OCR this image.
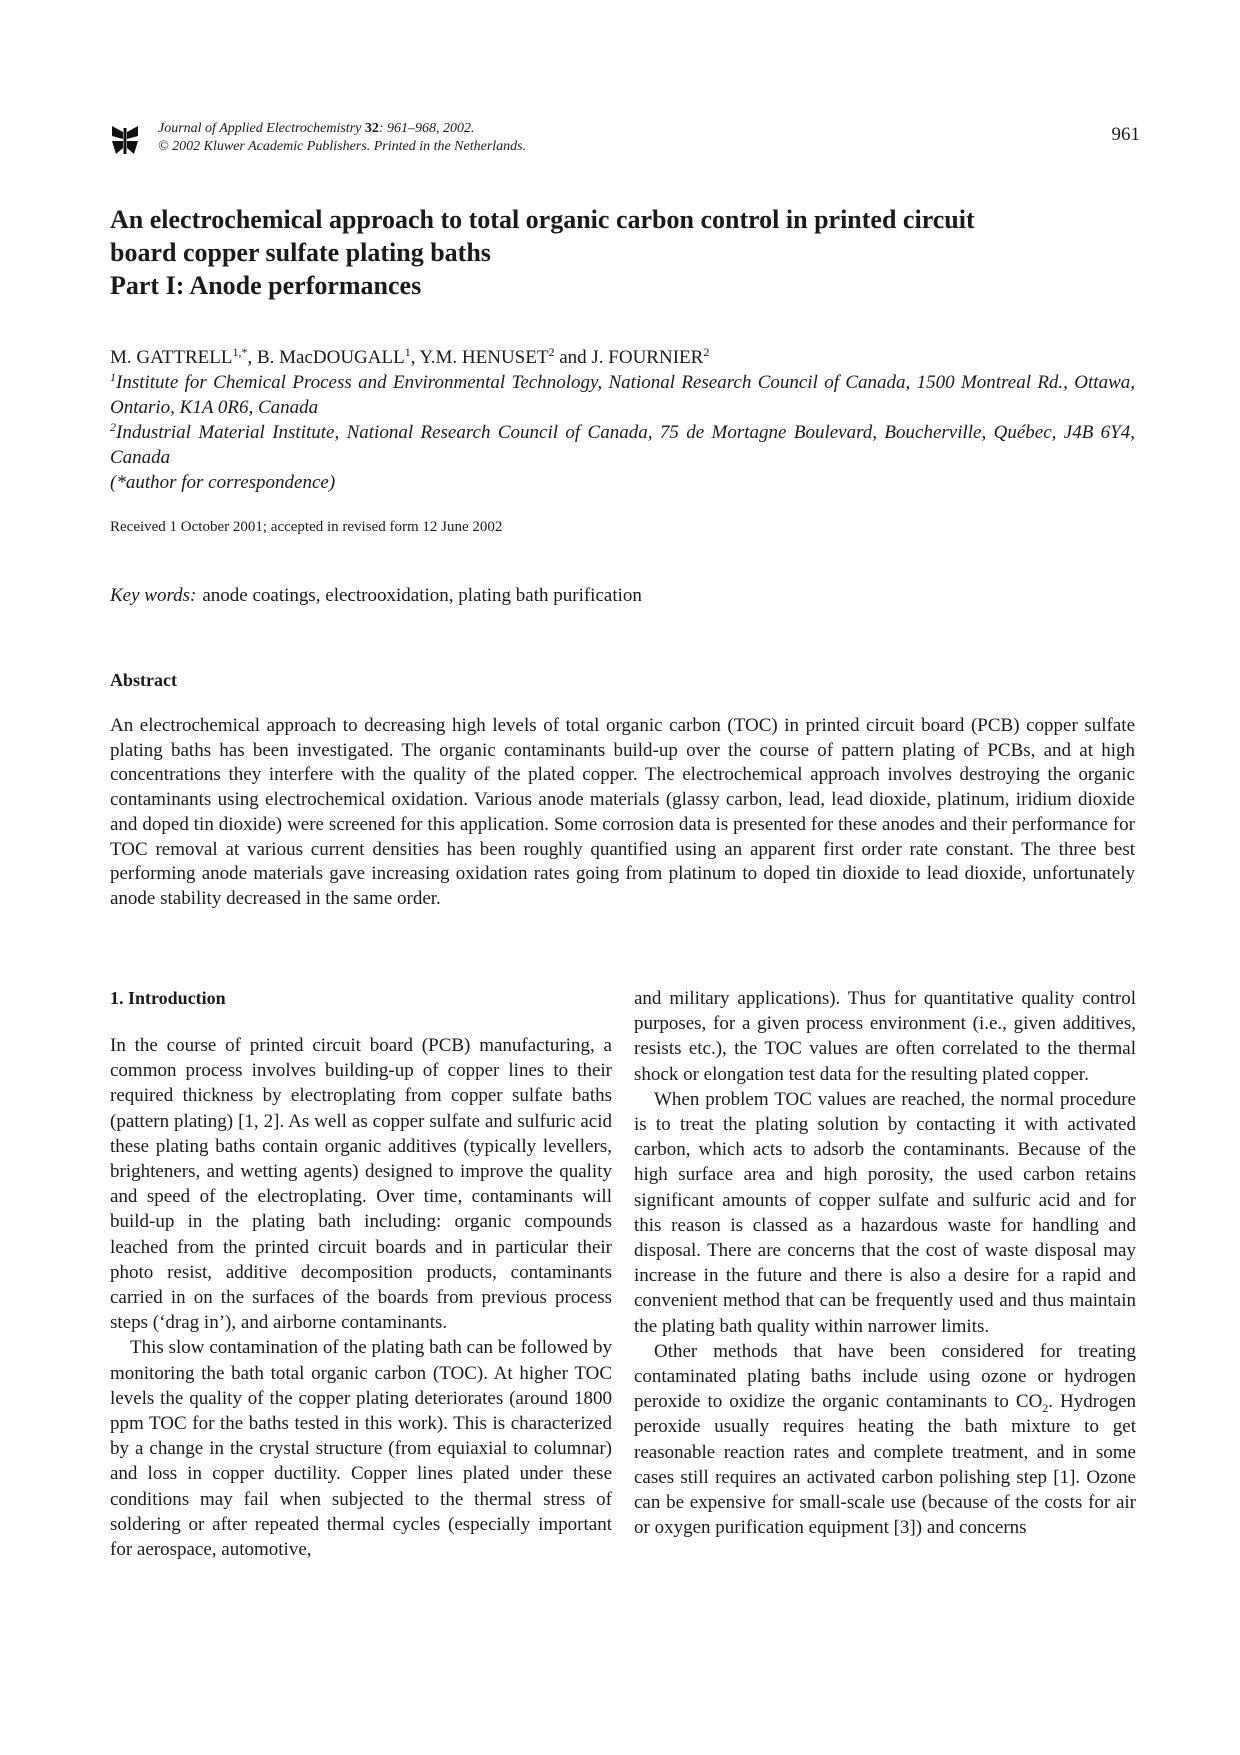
Journal of Applied Electrochemistry 32: 961–968, 2002.
© 2002 Kluwer Academic Publishers. Printed in the Netherlands.
961
An electrochemical approach to total organic carbon control in printed circuit
board copper sulfate plating baths
Part I: Anode performances
M. $GATTRELL^{1,*}$, B. MacDOUGALL$^1$, Y.M. HENUSET$^2$ and J. FOURNIER$^2$
$^1$Institute for Chemical Process and Environmental Technology, National Research Council of Canada, 1500 Montreal Rd., Ottawa, Ontario, K1A 0R6, Canada
$^2$Industrial Material Institute, National Research Council of Canada, 75 de Mortagne Boulevard, Boucherville, Québec, J4B 6Y4, Canada
(*author for correspondence)
Received 1 October 2001; accepted in revised form 12 June 2002
Key words: anode coatings, electrooxidation, plating bath purification
Abstract
An electrochemical approach to decreasing high levels of total organic carbon (TOC) in printed circuit board (PCB) copper sulfate plating baths has been investigated. The organic contaminants build-up over the course of pattern plating of PCBs, and at high concentrations they interfere with the quality of the plated copper. The electrochemical approach involves destroying the organic contaminants using electrochemical oxidation. Various anode materials (glassy carbon, lead, lead dioxide, platinum, iridium dioxide and doped tin dioxide) were screened for this application. Some corrosion data is presented for these anodes and their performance for TOC removal at various current densities has been roughly quantified using an apparent first order rate constant. The three best performing anode materials gave increasing oxidation rates going from platinum to doped tin dioxide to lead dioxide, unfortunately anode stability decreased in the same order.
1. Introduction

In the course of printed circuit board (PCB) manufacturing, a common process involves building-up of copper lines to their required thickness by electroplating from copper sulfate baths (pattern plating) [1, 2]. As well as copper sulfate and sulfuric acid these plating baths contain organic additives (typically levellers, brighteners, and wetting agents) designed to improve the quality and speed of the electroplating. Over time, contaminants will build-up in the plating bath including: organic compounds leached from the printed circuit boards and in particular their photo resist, additive decomposition products, contaminants carried in on the surfaces of the boards from previous process steps (‘drag in’), and airborne contaminants.

This slow contamination of the plating bath can be followed by monitoring the bath total organic carbon (TOC). At higher TOC levels the quality of the copper plating deteriorates (around 1800 ppm TOC for the baths tested in this work). This is characterized by a change in the crystal structure (from equiaxial to columnar) and loss in copper ductility. Copper lines plated under these conditions may fail when subjected to the thermal stress of soldering or after repeated thermal cycles (especially important for aerospace, automotive,

and military applications). Thus for quantitative quality control purposes, for a given process environment (i.e., given additives, resists etc.), the TOC values are often correlated to the thermal shock or elongation test data for the resulting plated copper.

When problem TOC values are reached, the normal procedure is to treat the plating solution by contacting it with activated carbon, which acts to adsorb the contaminants. Because of the high surface area and high porosity, the used carbon retains significant amounts of copper sulfate and sulfuric acid and for this reason is classed as a hazardous waste for handling and disposal. There are concerns that the cost of waste disposal may increase in the future and there is also a desire for a rapid and convenient method that can be frequently used and thus maintain the plating bath quality within narrower limits.

Other methods that have been considered for treating contaminated plating baths include using ozone or hydrogen peroxide to oxidize the organic contaminants to $CO_2$. Hydrogen peroxide usually requires heating the bath mixture to get reasonable reaction rates and complete treatment, and in some cases still requires an activated carbon polishing step [1]. Ozone can be expensive for small-scale use (because of the costs for air or oxygen purification equipment [3]) and concerns
